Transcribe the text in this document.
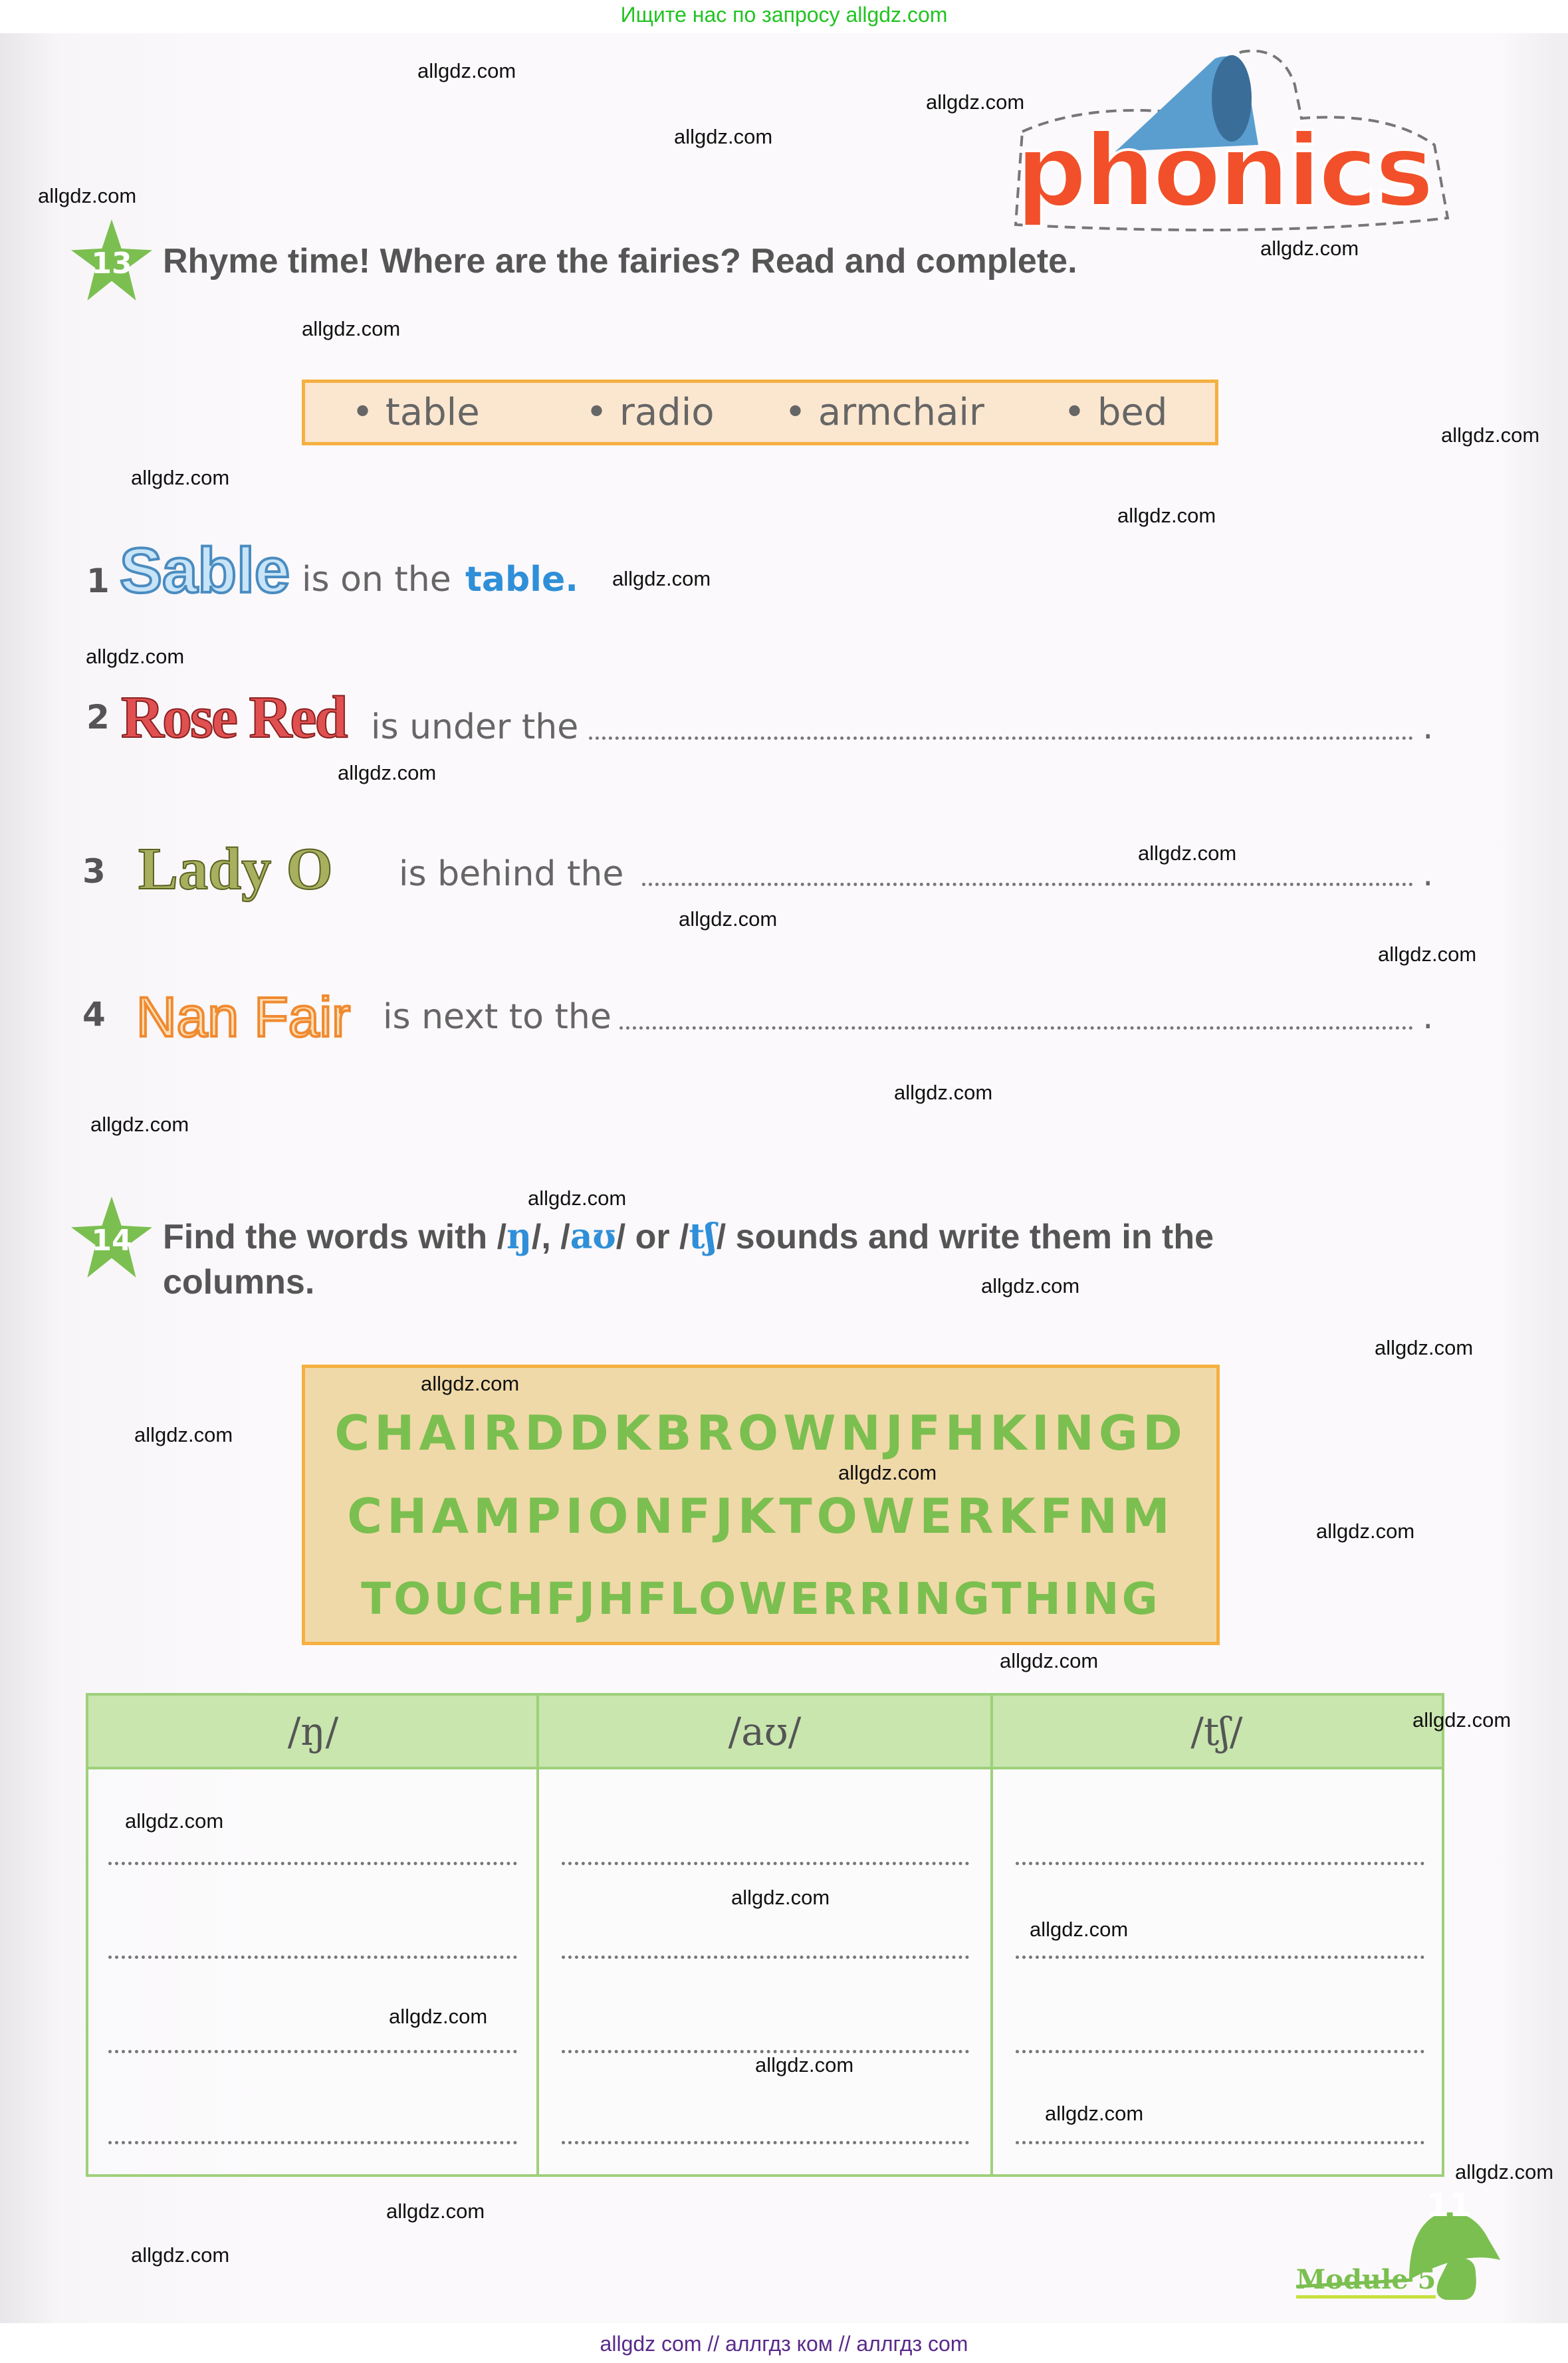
Ищите нас по запросу allgdz.com
phonics
13 Rhyme time! Where are the fairies? Read and complete.
• table	• radio • armchair • bed
1 Sable is on the table.
2 Rose Red is under the	.
3 Lady O is behind the	.
4 Nan Fair is next to the	.
14 Find the words with /ŋ/, /aʊ/ or /tʃ/ sounds and write them in the
columns.
CHAIRDDKBROWNJFHKINGD
CHAMPIONFJKTOWERKFNM
TOUCHFJHFLOWERRINGTHING
/ŋ/	/aʊ/	/tʃ/
11
Module 5
allgdz.com
allgdz.com
allgdz.com
allgdz.com
allgdz.com
allgdz.com
allgdz.com
allgdz.com
allgdz.com
allgdz.com
allgdz.com
allgdz.com
allgdz.com
allgdz.com
allgdz.com
allgdz.com
allgdz.com
allgdz.com
allgdz.com
allgdz.com
allgdz.com
allgdz.com
allgdz.com
allgdz.com
allgdz.com
allgdz.com
allgdz.com
allgdz.com
allgdz.com
allgdz.com
allgdz.com
allgdz.com
allgdz.com
allgdz.com
allgdz.com
allgdz com // аллгдз ком // аллгдз com
